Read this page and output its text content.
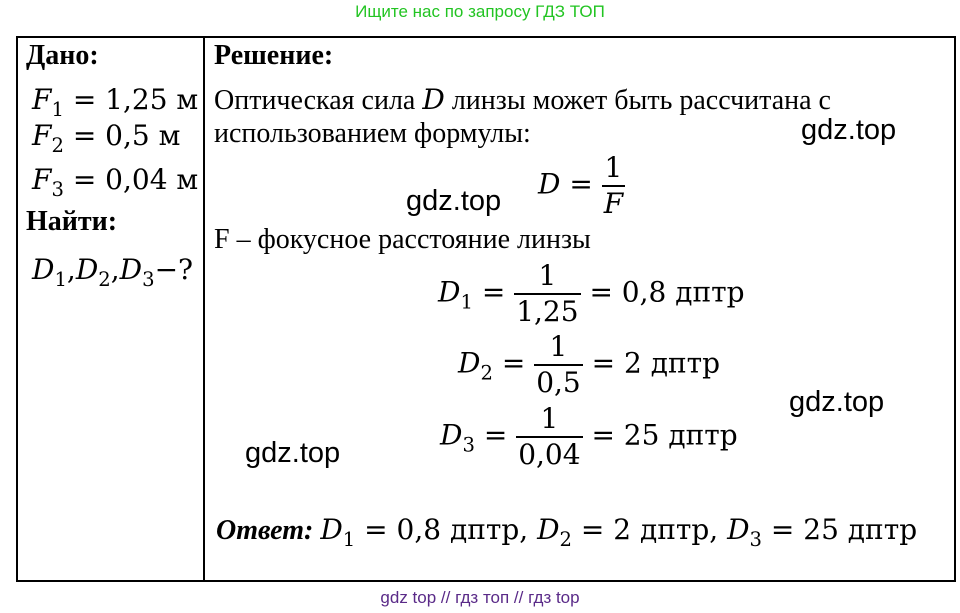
Ищите нас по запросу ГДЗ ТОП
Дано:
$F_1 = 1,25$ м
$F_2 = 0,5$ м
$F_3 = 0,04$ м
Найти:
$D_1,D_2,D_3-$?
Решение:
Оптическая сила D линзы может быть рассчитана с
использованием формулы:
$D = \frac{1}{F}$
F – фокусное расстояние линзы
$D_1 = \frac{1}{1,25} = 0,8$ дптр
$D_2 = \frac{1}{0,5} = 2$ дптр
$D_3 = \frac{1}{0,04} = 25$ дптр
Ответ: $D_1 = 0,8$ дптр, $D_2 = 2$ дптр, $D_3 = 25$ дптр
gdz.top
gdz.top
gdz.top
gdz.top
gdz top // гдз топ // гдз top
